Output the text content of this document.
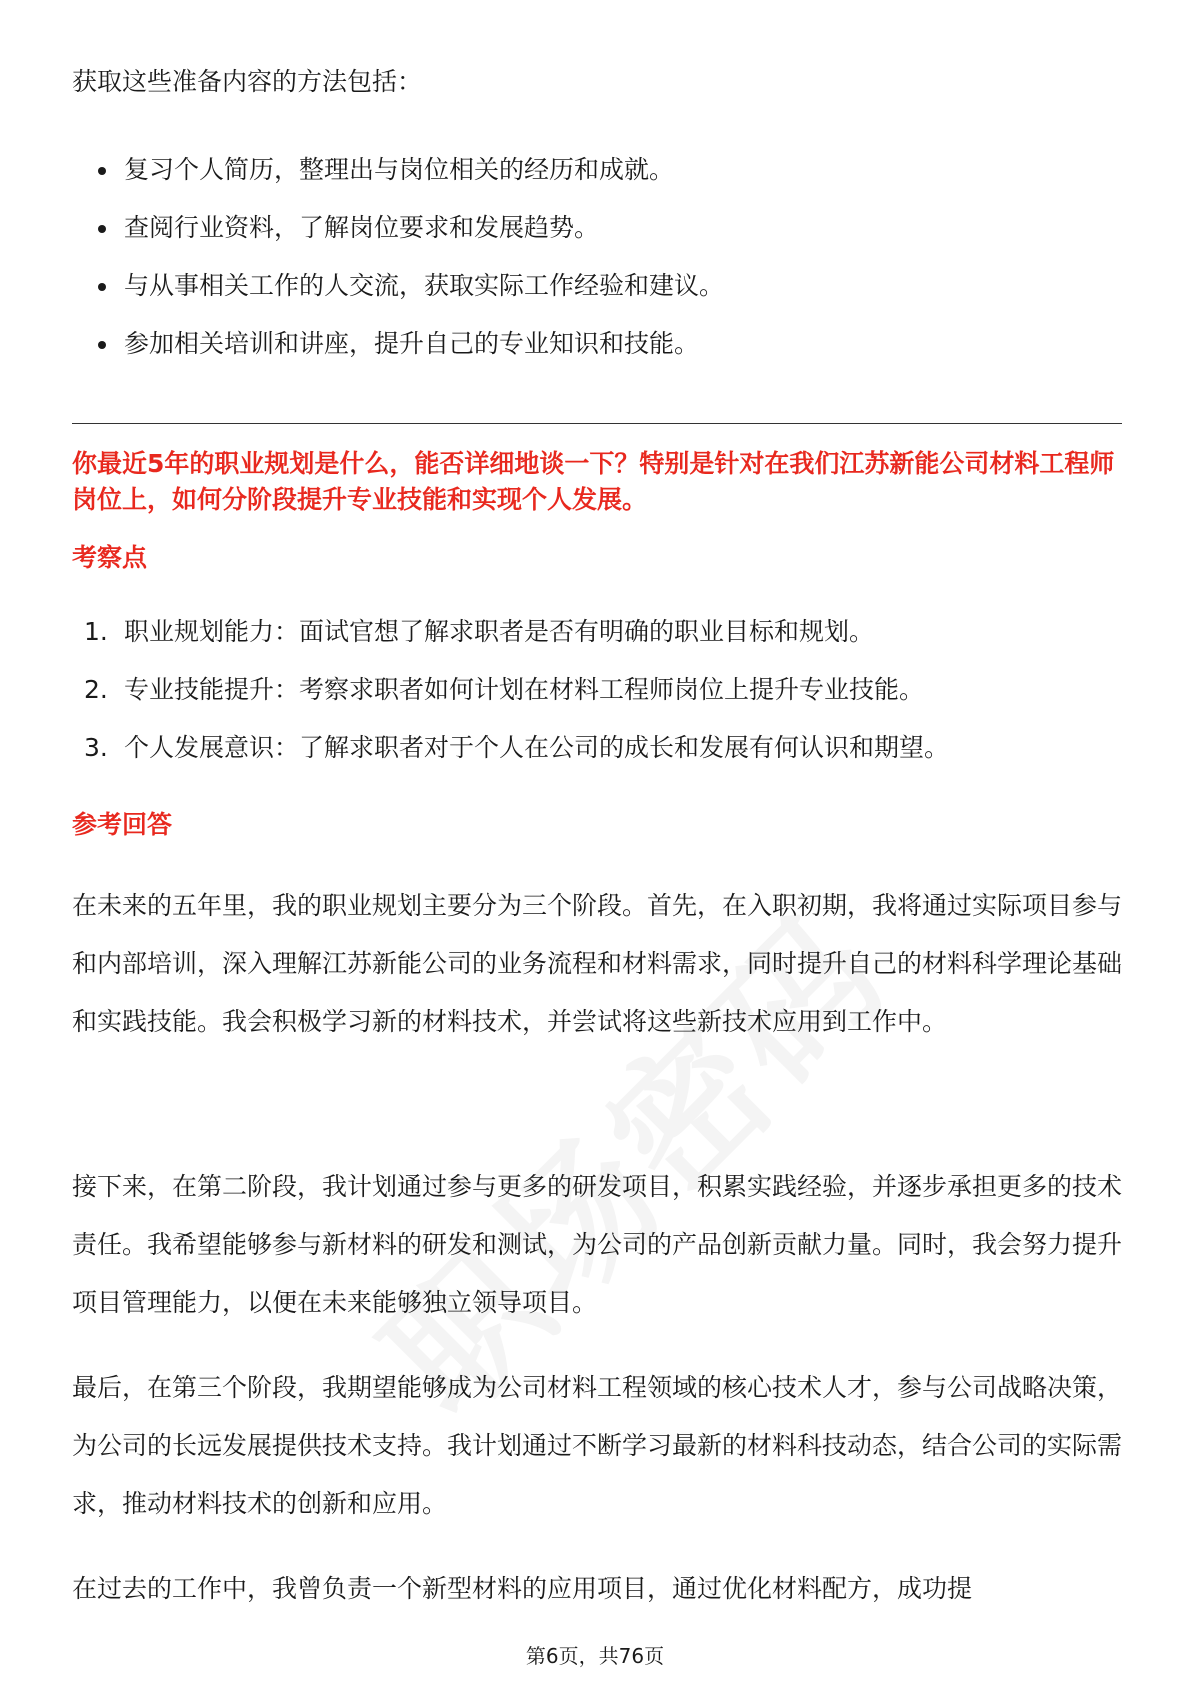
获取这些准备内容的方法包括：

复习个人简历，整理出与岗位相关的经历和成就。
查阅行业资料，了解岗位要求和发展趋势。
与从事相关工作的人交流，获取实际工作经验和建议。
参加相关培训和讲座，提升自己的专业知识和技能。

你最近5年的职业规划是什么，能否详细地谈一下？特别是针对在我们江苏新能公司材料工程师岗位上，如何分阶段提升专业技能和实现个人发展。

考察点
1. 职业规划能力：面试官想了解求职者是否有明确的职业目标和规划。
2. 专业技能提升：考察求职者如何计划在材料工程师岗位上提升专业技能。
3. 个人发展意识：了解求职者对于个人在公司的成长和发展有何认识和期望。
参考回答

在未来的五年里，我的职业规划主要分为三个阶段。首先，在入职初期，我将通过实际项目参与和内部培训，深入理解江苏新能公司的业务流程和材料需求，同时提升自己的材料科学理论基础和实践技能。我会积极学习新的材料技术，并尝试将这些新技术应用到工作中。

接下来，在第二阶段，我计划通过参与更多的研发项目，积累实践经验，并逐步承担更多的技术责任。我希望能够参与新材料的研发和测试，为公司的产品创新贡献力量。同时，我会努力提升项目管理能力，以便在未来能够独立领导项目。

最后，在第三个阶段，我期望能够成为公司材料工程领域的核心技术人才，参与公司战略决策，为公司的长远发展提供技术支持。我计划通过不断学习最新的材料科技动态，结合公司的实际需求，推动材料技术的创新和应用。

在过去的工作中，我曾负责一个新型材料的应用项目，通过优化材料配方，成功提

第6页，共76页
